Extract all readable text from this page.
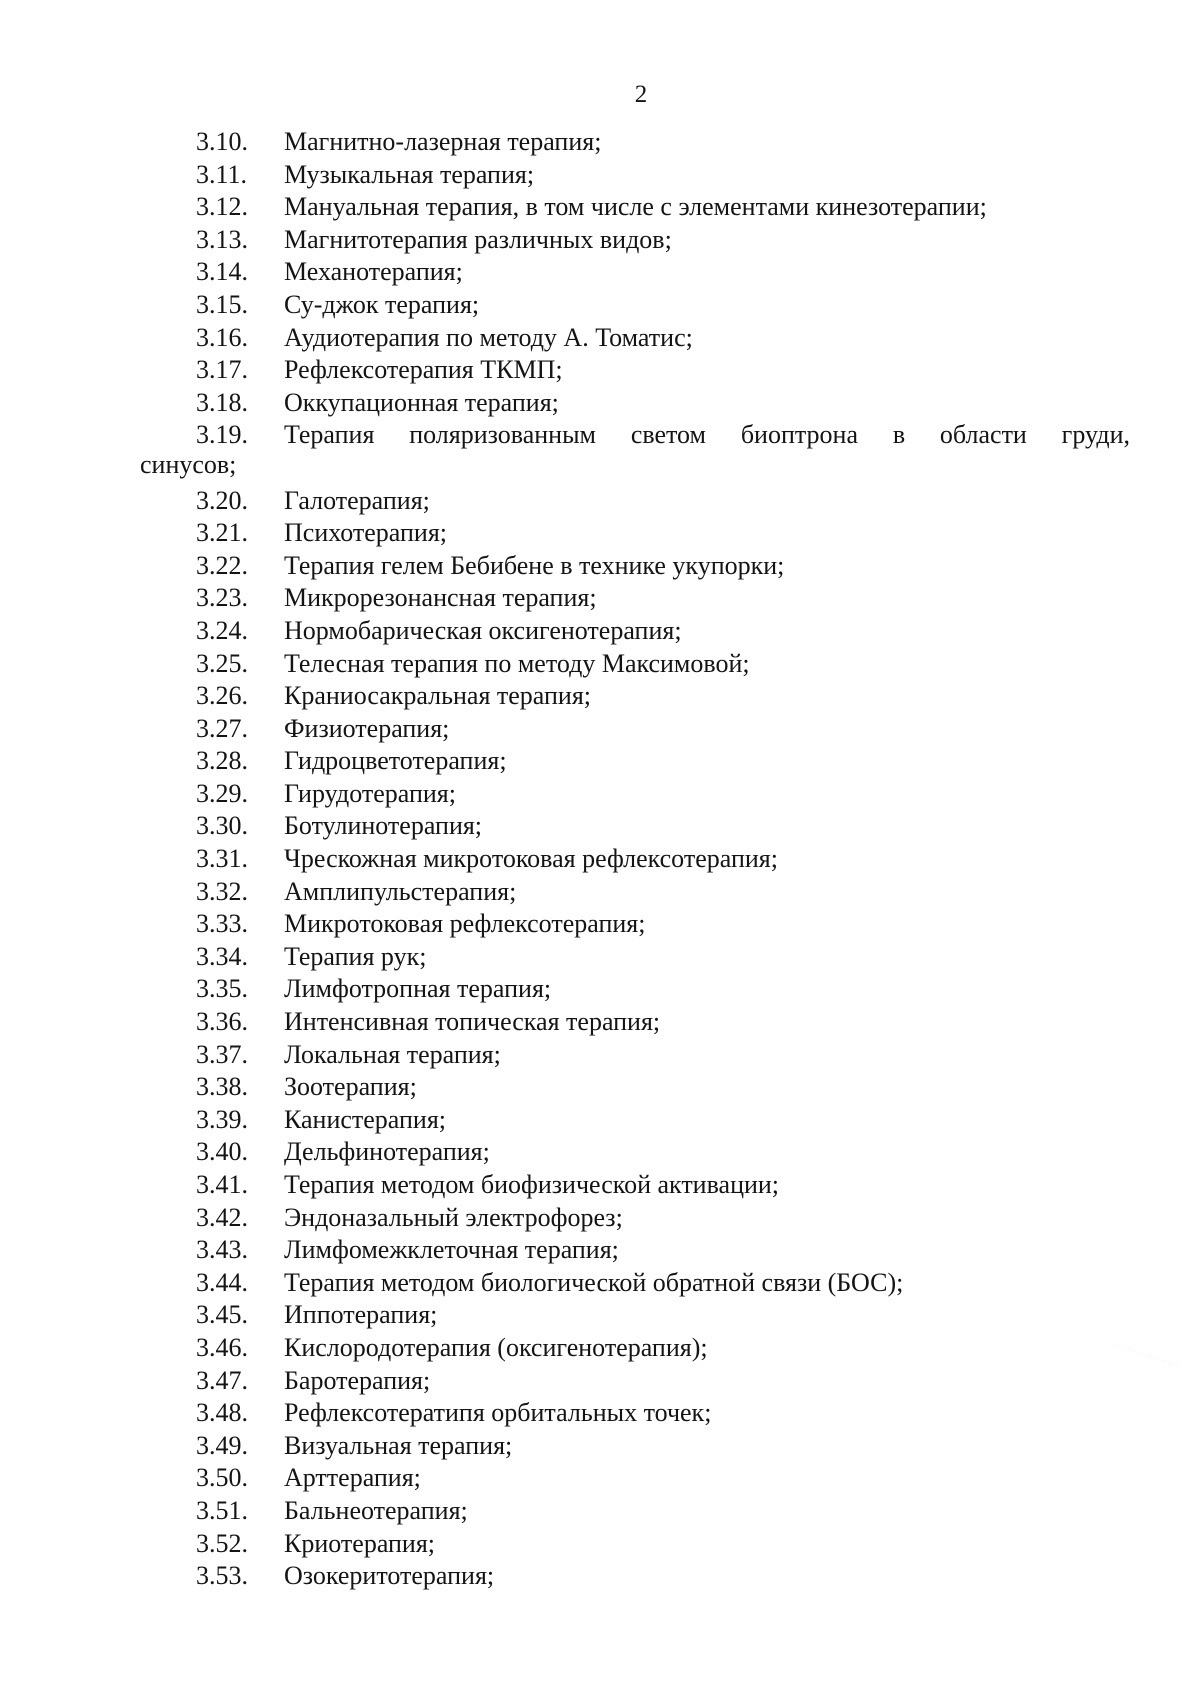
2
3.10. Магнитно-лазерная терапия;
3.11. Музыкальная терапия;
3.12. Мануальная терапия, в том числе с элементами кинезотерапии;
3.13. Магнитотерапия различных видов;
3.14. Механотерапия;
3.15. Су-джок терапия;
3.16. Аудиотерапия по методу А. Томатис;
3.17. Рефлексотерапия ТКМП;
3.18. Оккупационная терапия;
3.19. Терапия поляризованным светом биоптрона в области груди,
синусов;
3.20. Галотерапия;
3.21. Психотерапия;
3.22. Терапия гелем Бебибене в технике укупорки;
3.23. Микрорезонансная терапия;
3.24. Нормобарическая оксигенотерапия;
3.25. Телесная терапия по методу Максимовой;
3.26. Краниосакральная терапия;
3.27. Физиотерапия;
3.28. Гидроцветотерапия;
3.29. Гирудотерапия;
3.30. Ботулинотерапия;
3.31. Чрескожная микротоковая рефлексотерапия;
3.32. Амплипульстерапия;
3.33. Микротоковая рефлексотерапия;
3.34. Терапия рук;
3.35. Лимфотропная терапия;
3.36. Интенсивная топическая терапия;
3.37. Локальная терапия;
3.38. Зоотерапия;
3.39. Канистерапия;
3.40. Дельфинотерапия;
3.41. Терапия методом биофизической активации;
3.42. Эндоназальный электрофорез;
3.43. Лимфомежклеточная терапия;
3.44. Терапия методом биологической обратной связи (БОС);
3.45. Иппотерапия;
3.46. Кислородотерапия (оксигенотерапия);
3.47. Баротерапия;
3.48. Рефлексотератипя орбитальных точек;
3.49. Визуальная терапия;
3.50. Арттерапия;
3.51. Бальнеотерапия;
3.52. Криотерапия;
3.53. Озокеритотерапия;
